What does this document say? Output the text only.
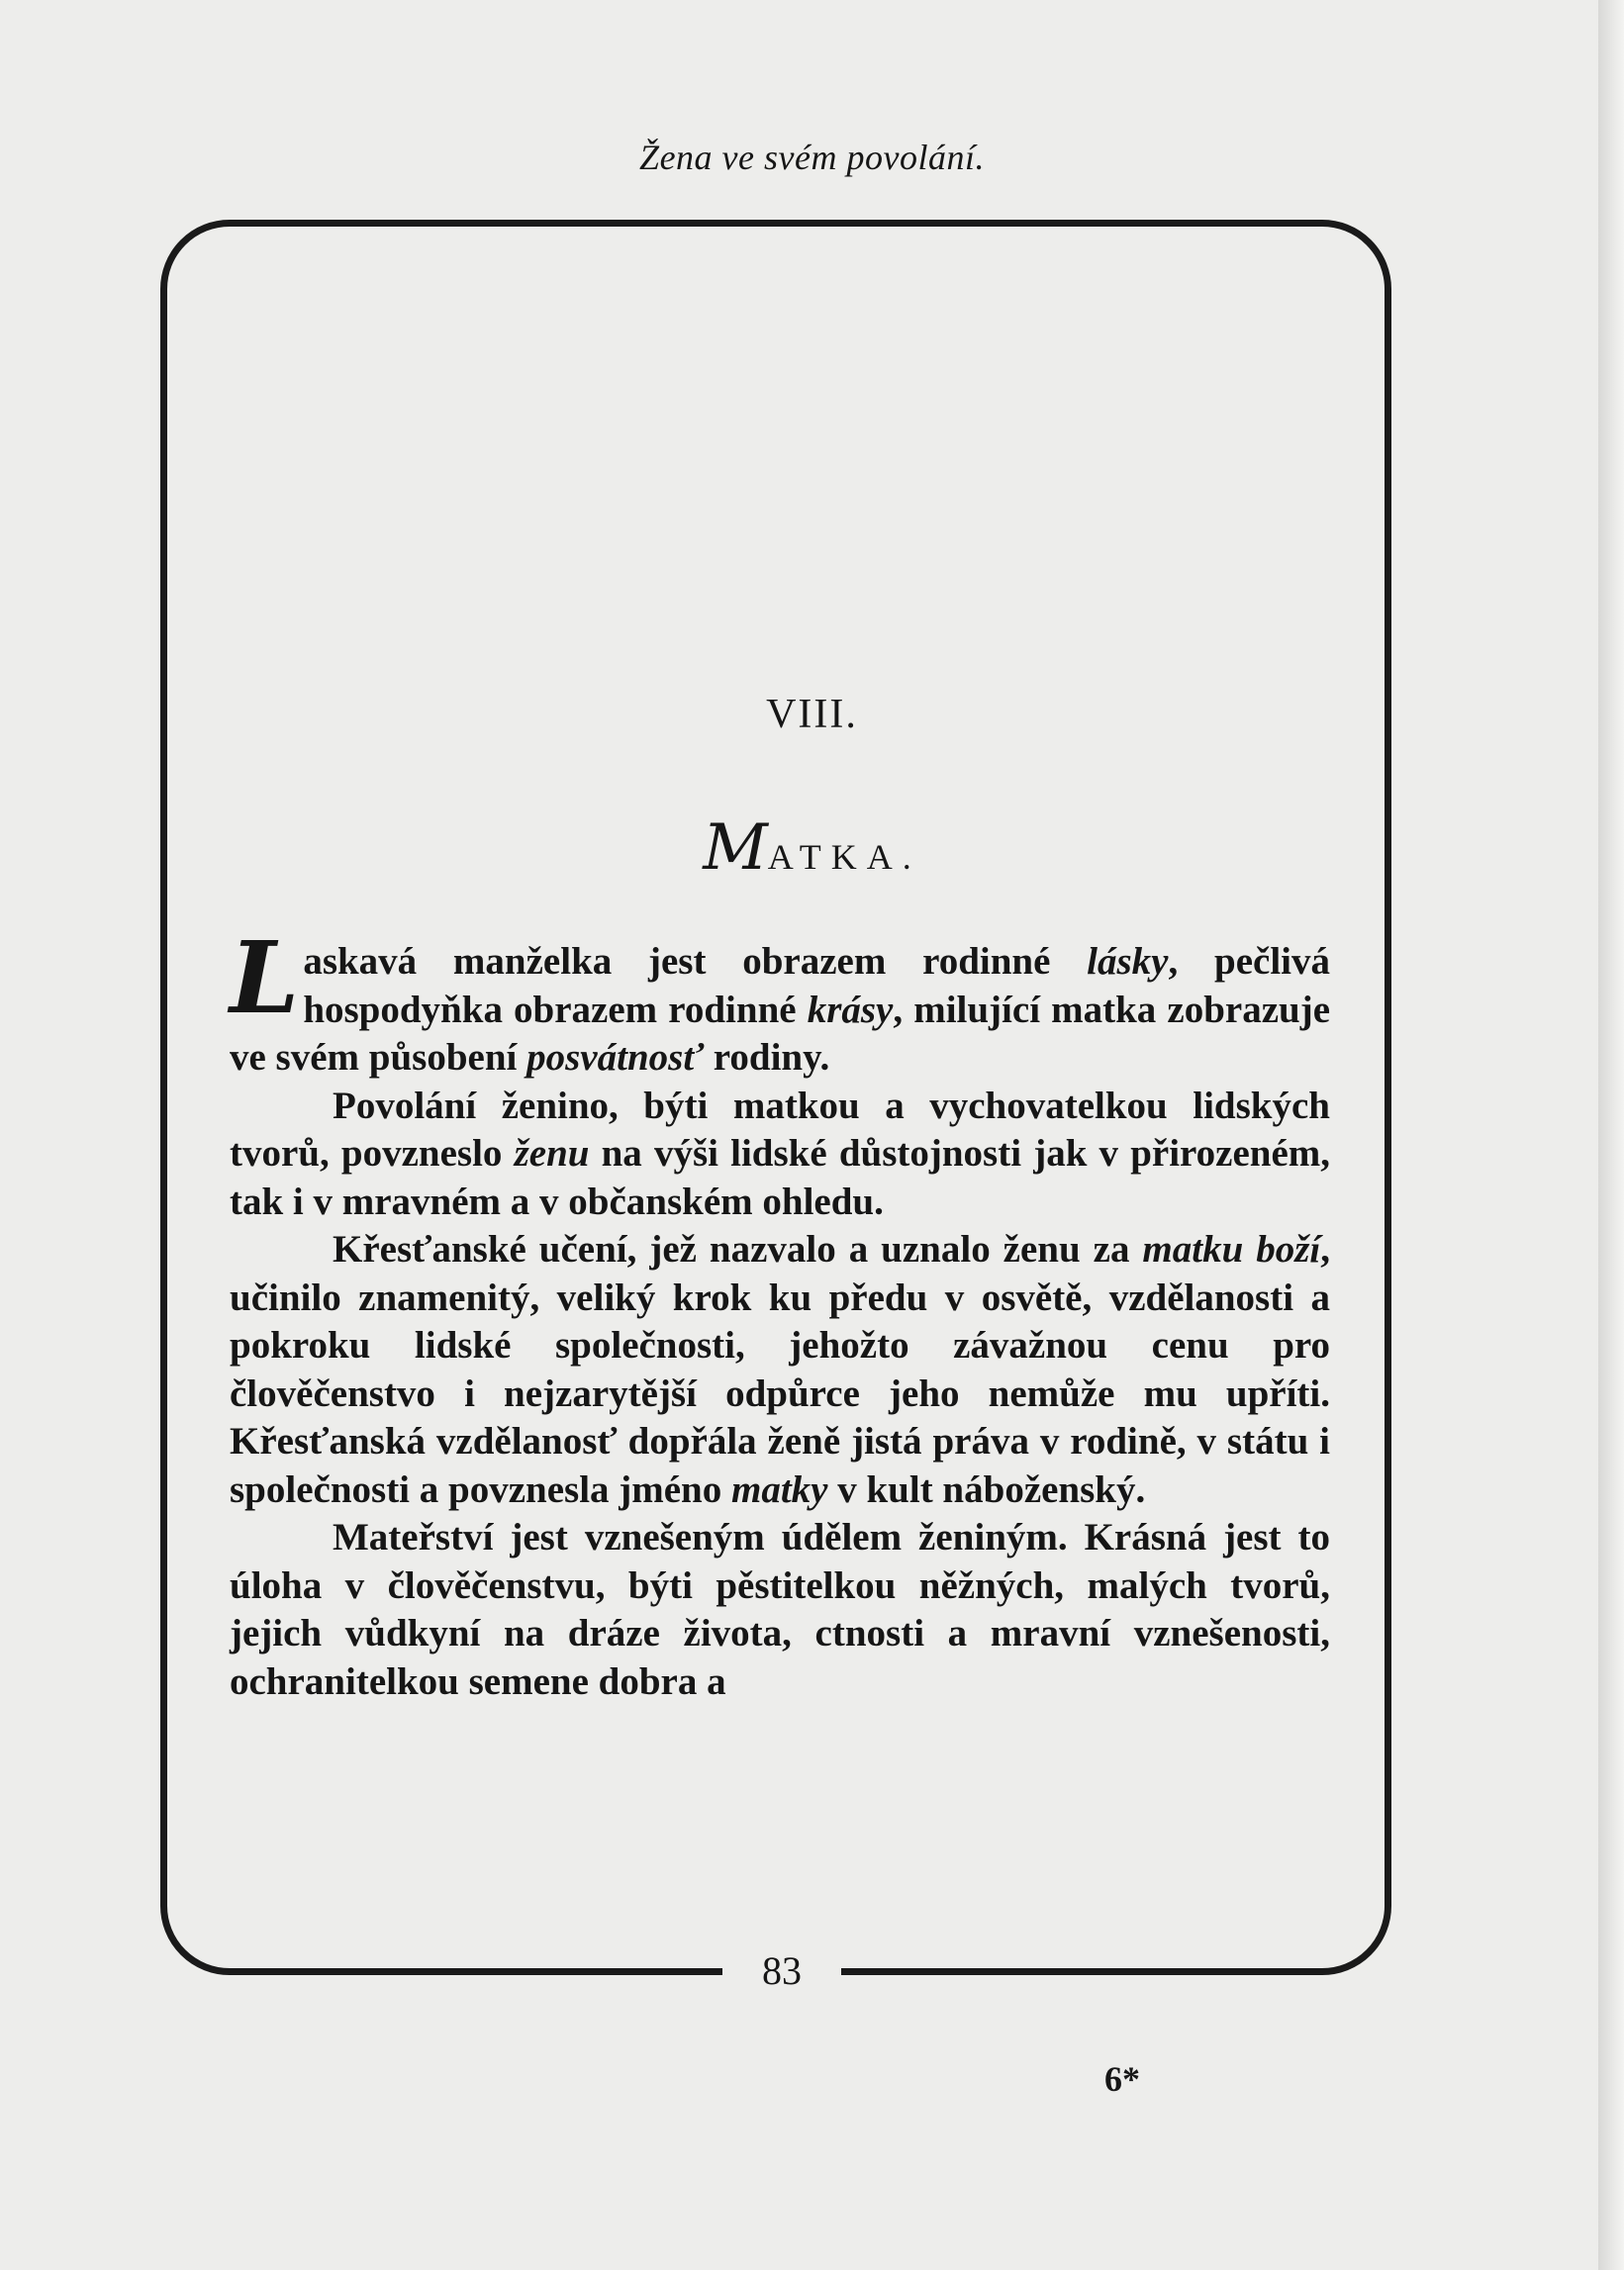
Žena ve svém povolání.
83
VIII.
MATKA.

Laskavá manželka jest obrazem rodinné lásky, pečlivá hospodyňka obrazem rodinné krásy, milující matka zobrazuje ve svém působení posvátnosť rodiny.

Povolání ženino, býti matkou a vychovatelkou lidských tvorů, povzneslo ženu na výši lidské důstojnosti jak v přirozeném, tak i v mravném a v občanském ohledu.

Křesťanské učení, jež nazvalo a uznalo ženu za matku boží, učinilo znamenitý, veliký krok ku předu v osvětě, vzdělanosti a pokroku lidské společnosti, jehožto závažnou cenu pro člověčenstvo i nejzarytější odpůrce jeho nemůže mu upříti. Křesťanská vzdělanosť dopřála ženě jistá práva v rodině, v státu i společnosti a povznesla jméno matky v kult náboženský.

Mateřství jest vznešeným údělem ženiným. Krásná jest to úloha v člověčenstvu, býti pěstitelkou něžných, malých tvorů, jejich vůdkyní na dráze života, ctnosti a mravní vznešenosti, ochranitelkou semene dobra a

6*
